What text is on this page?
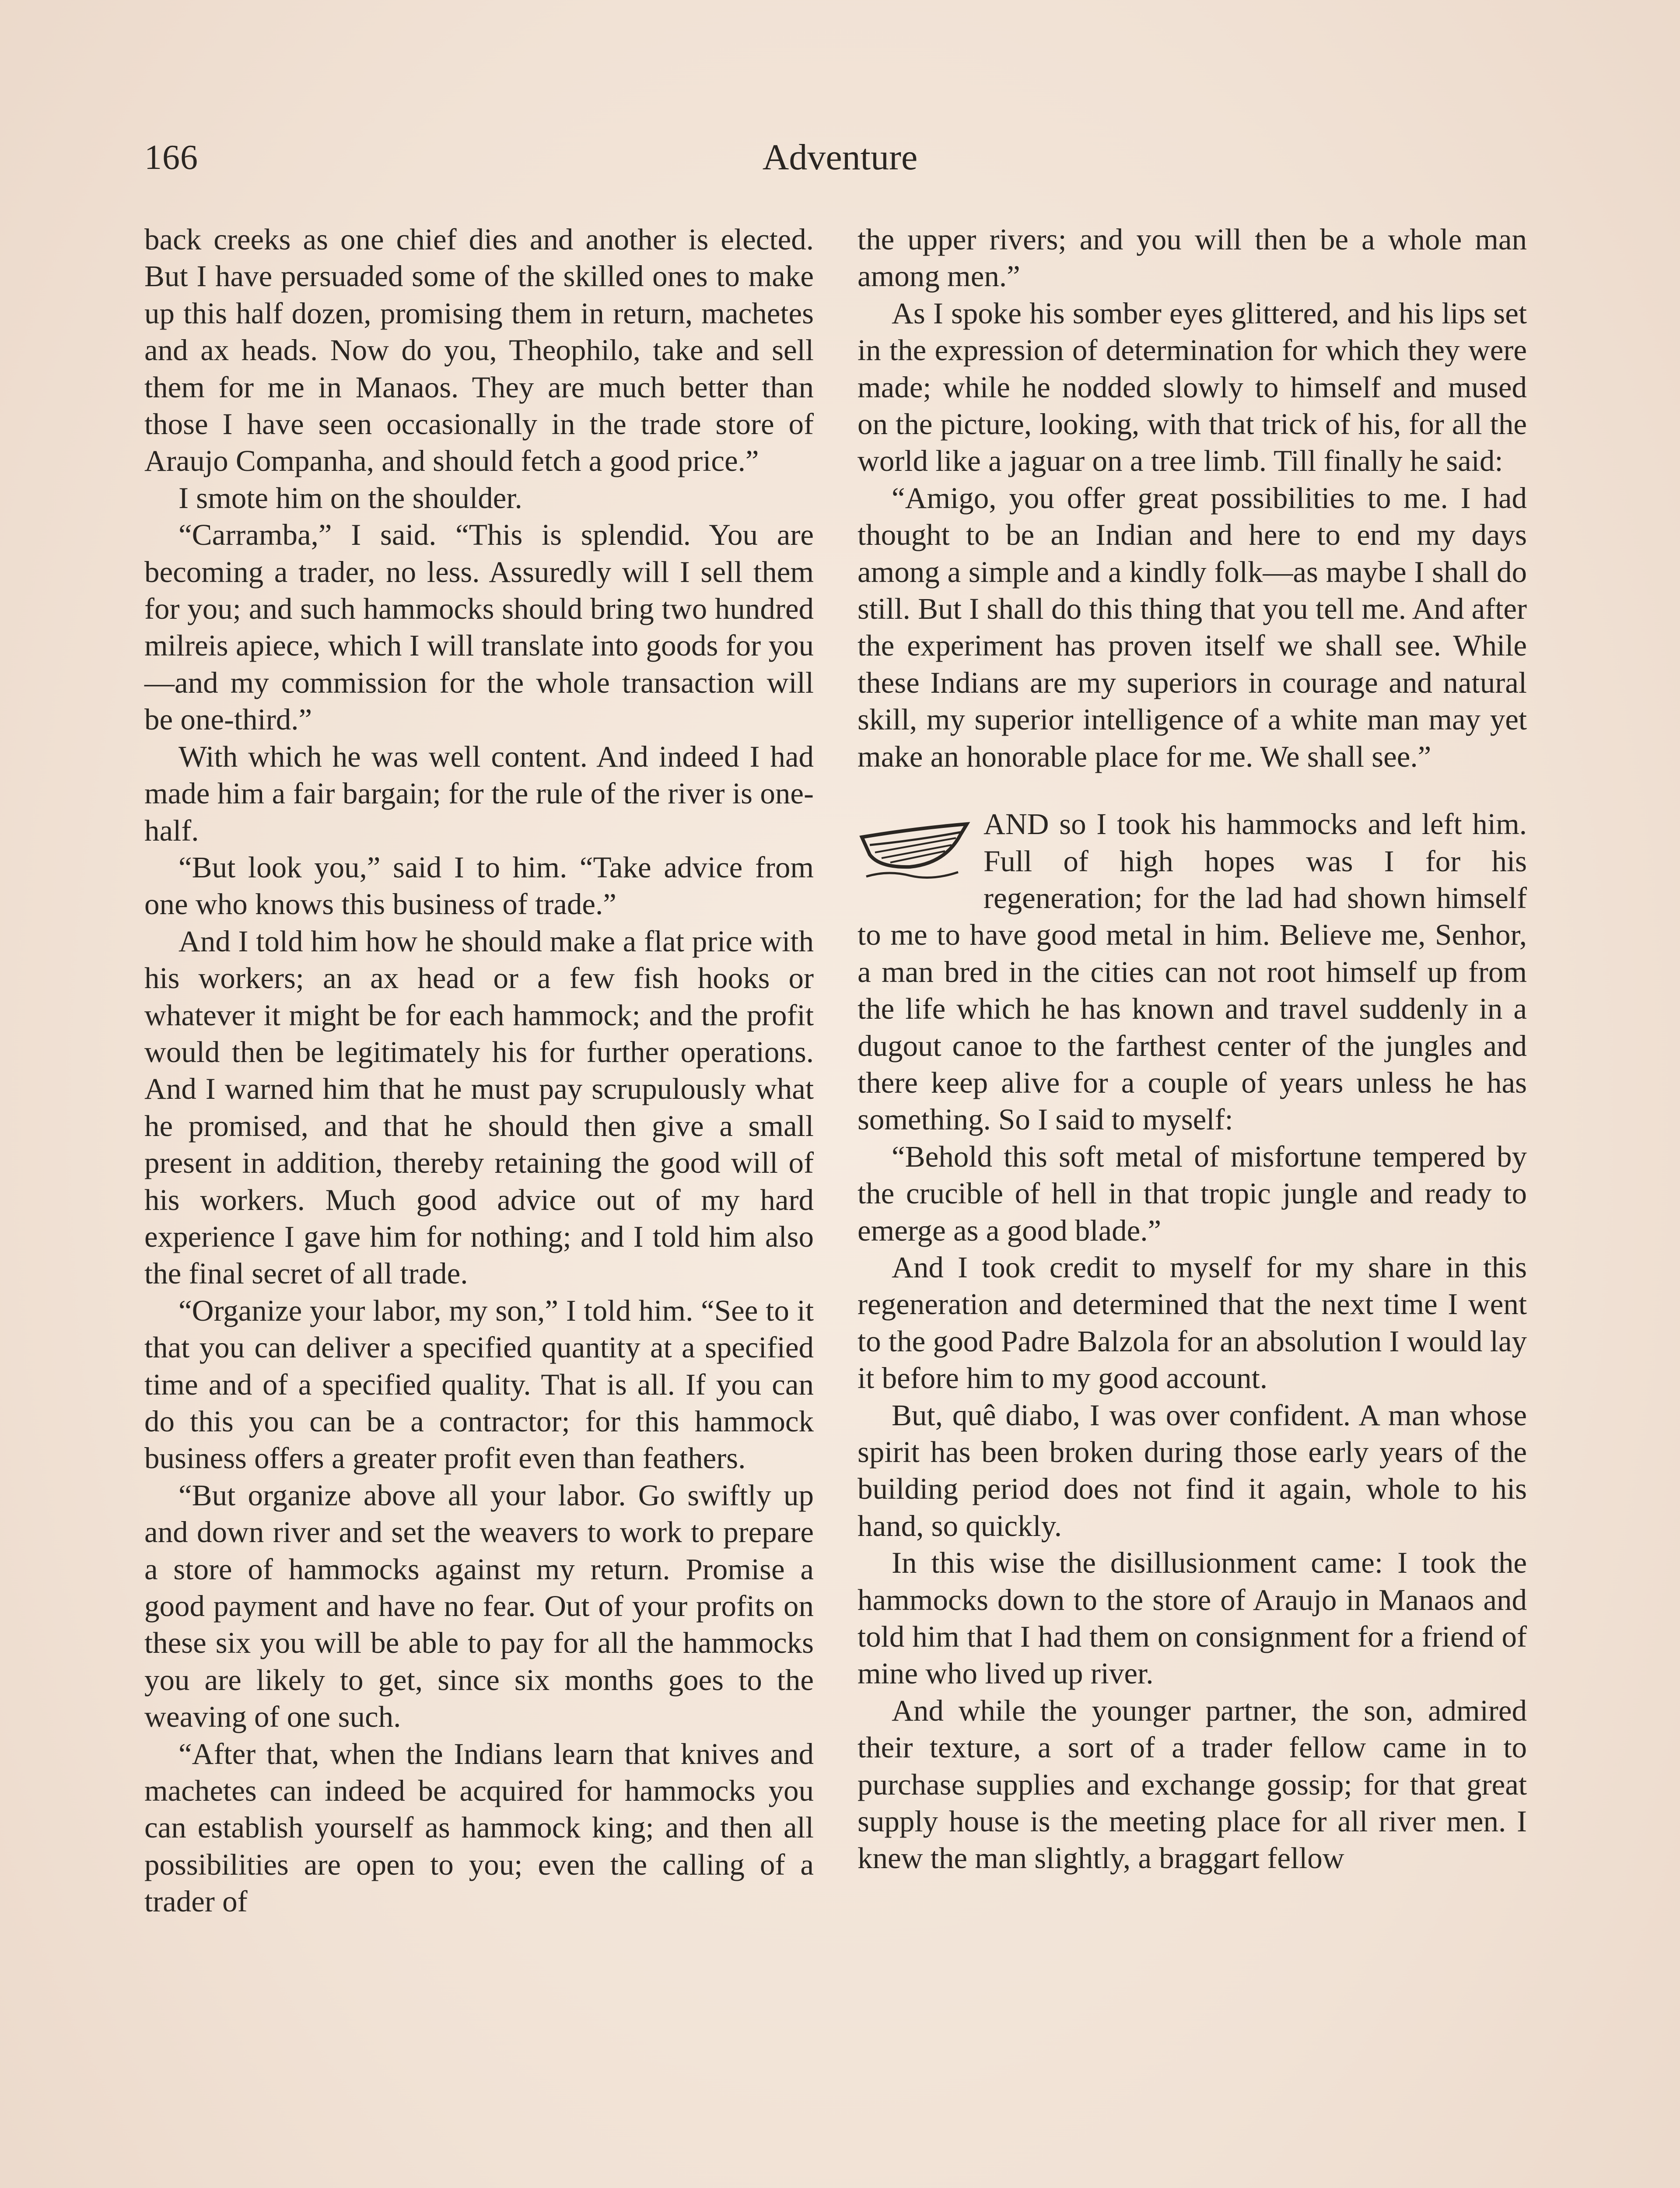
166	Adventure

back creeks as one chief dies and another is elected. But I have persuaded some of the skilled ones to make up this half dozen, promising them in return, machetes and ax heads. Now do you, Theophilo, take and sell them for me in Manaos. They are much better than those I have seen occasionally in the trade store of Araujo Companha, and should fetch a good price.”

I smote him on the shoulder.

“Carramba,” I said. “This is splendid. You are becoming a trader, no less. Assuredly will I sell them for you; and such hammocks should bring two hundred milreis apiece, which I will translate into goods for you—and my commission for the whole transaction will be one-third.”

With which he was well content. And indeed I had made him a fair bargain; for the rule of the river is one-half.

“But look you,” said I to him. “Take advice from one who knows this business of trade.”

And I told him how he should make a flat price with his workers; an ax head or a few fish hooks or whatever it might be for each hammock; and the profit would then be legitimately his for further operations. And I warned him that he must pay scrupulously what he promised, and that he should then give a small present in addition, thereby retaining the good will of his workers. Much good advice out of my hard experience I gave him for nothing; and I told him also the final secret of all trade.

“Organize your labor, my son,” I told him. “See to it that you can deliver a specified quantity at a specified time and of a specified quality. That is all. If you can do this you can be a contractor; for this hammock business offers a greater profit even than feathers.

“But organize above all your labor. Go swiftly up and down river and set the weavers to work to prepare a store of hammocks against my return. Promise a good payment and have no fear. Out of your profits on these six you will be able to pay for all the hammocks you are likely to get, since six months goes to the weaving of one such.

“After that, when the Indians learn that knives and machetes can indeed be acquired for hammocks you can establish yourself as hammock king; and then all possibilities are open to you; even the calling of a trader of

the upper rivers; and you will then be a whole man among men.”

As I spoke his somber eyes glittered, and his lips set in the expression of determination for which they were made; while he nodded slowly to himself and mused on the picture, looking, with that trick of his, for all the world like a jaguar on a tree limb. Till finally he said:

“Amigo, you offer great possibilities to me. I had thought to be an Indian and here to end my days among a simple and a kindly folk—as maybe I shall do still. But I shall do this thing that you tell me. And after the experiment has proven itself we shall see. While these Indians are my superiors in courage and natural skill, my superior intelligence of a white man may yet make an honorable place for me. We shall see.”

AND so I took his hammocks and left him. Full of high hopes was I for his regeneration; for the lad had shown himself to me to have good metal in him. Believe me, Senhor, a man bred in the cities can not root himself up from the life which he has known and travel suddenly in a dugout canoe to the farthest center of the jungles and there keep alive for a couple of years unless he has something. So I said to myself:

“Behold this soft metal of misfortune tempered by the crucible of hell in that tropic jungle and ready to emerge as a good blade.”

And I took credit to myself for my share in this regeneration and determined that the next time I went to the good Padre Balzola for an absolution I would lay it before him to my good account.

But, quê diabo, I was over confident. A man whose spirit has been broken during those early years of the building period does not find it again, whole to his hand, so quickly.

In this wise the disillusionment came: I took the hammocks down to the store of Araujo in Manaos and told him that I had them on consignment for a friend of mine who lived up river.

And while the younger partner, the son, admired their texture, a sort of a trader fellow came in to purchase supplies and exchange gossip; for that great supply house is the meeting place for all river men. I knew the man slightly, a braggart fellow
